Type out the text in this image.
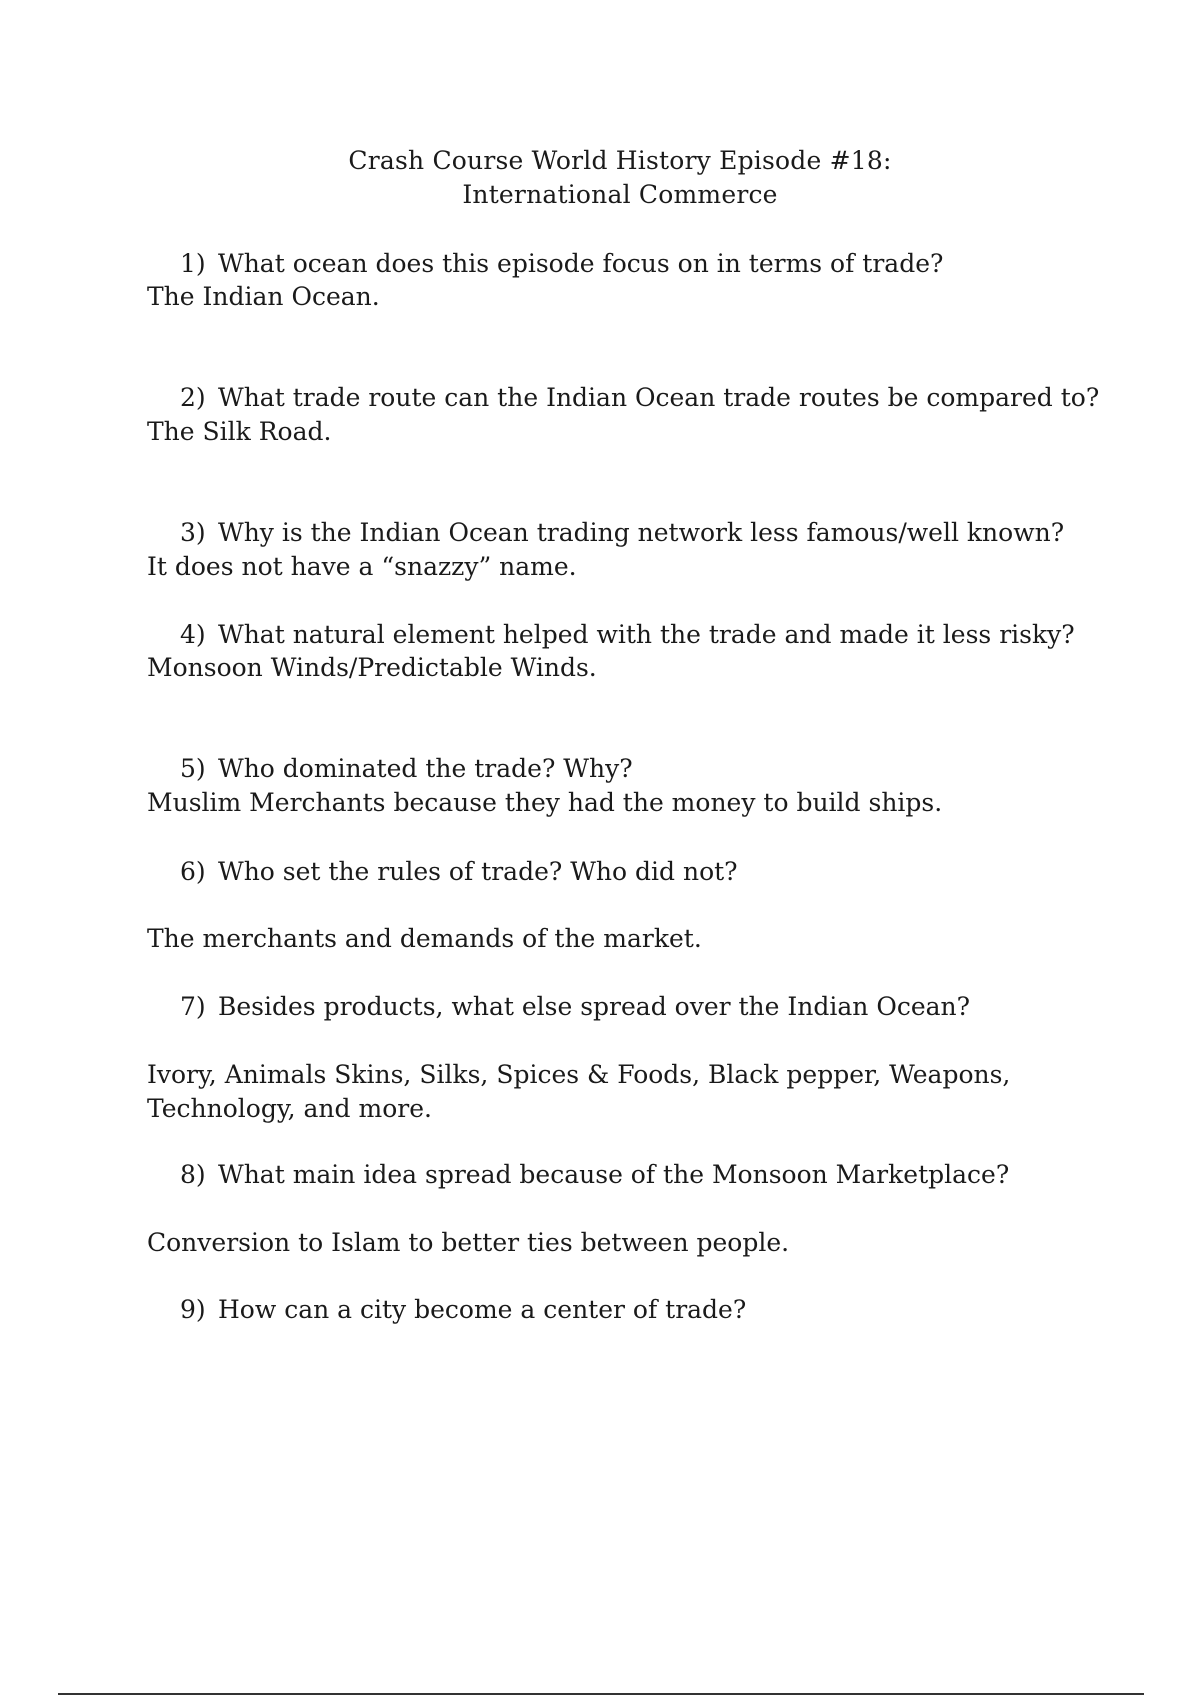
Crash Course World History Episode #18:
International Commerce
1) What ocean does this episode focus on in terms of trade?
The Indian Ocean.
2) What trade route can the Indian Ocean trade routes be compared to?
The Silk Road.
3) Why is the Indian Ocean trading network less famous/well known?
It does not have a “snazzy” name.
4) What natural element helped with the trade and made it less risky?
Monsoon Winds/Predictable Winds.
5) Who dominated the trade? Why?
Muslim Merchants because they had the money to build ships.
6) Who set the rules of trade? Who did not?
The merchants and demands of the market.
7) Besides products, what else spread over the Indian Ocean?
Ivory, Animals Skins, Silks, Spices & Foods, Black pepper, Weapons,
Technology, and more.
8) What main idea spread because of the Monsoon Marketplace?
Conversion to Islam to better ties between people.
9) How can a city become a center of trade?
